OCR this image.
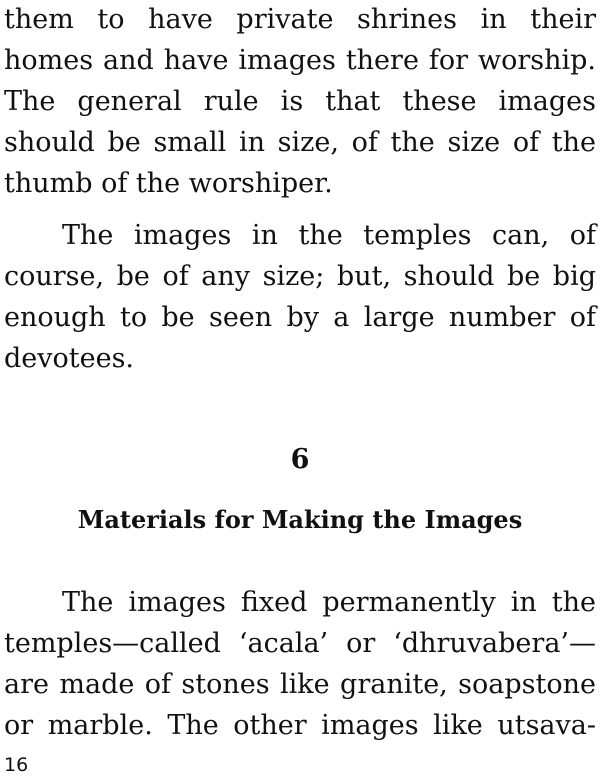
them to have private shrines in their
homes and have images there for worship.
The general rule is that these images
should be small in size, of the size of the
thumb of the worshiper.
The images in the temples can, of
course, be of any size; but, should be big
enough to be seen by a large number of
devotees.
6
Materials for Making the Images
The images fixed permanently in the
temples—called ‘acala’ or ‘dhruvabera’—
are made of stones like granite, soapstone
or marble. The other images like utsava-
16
